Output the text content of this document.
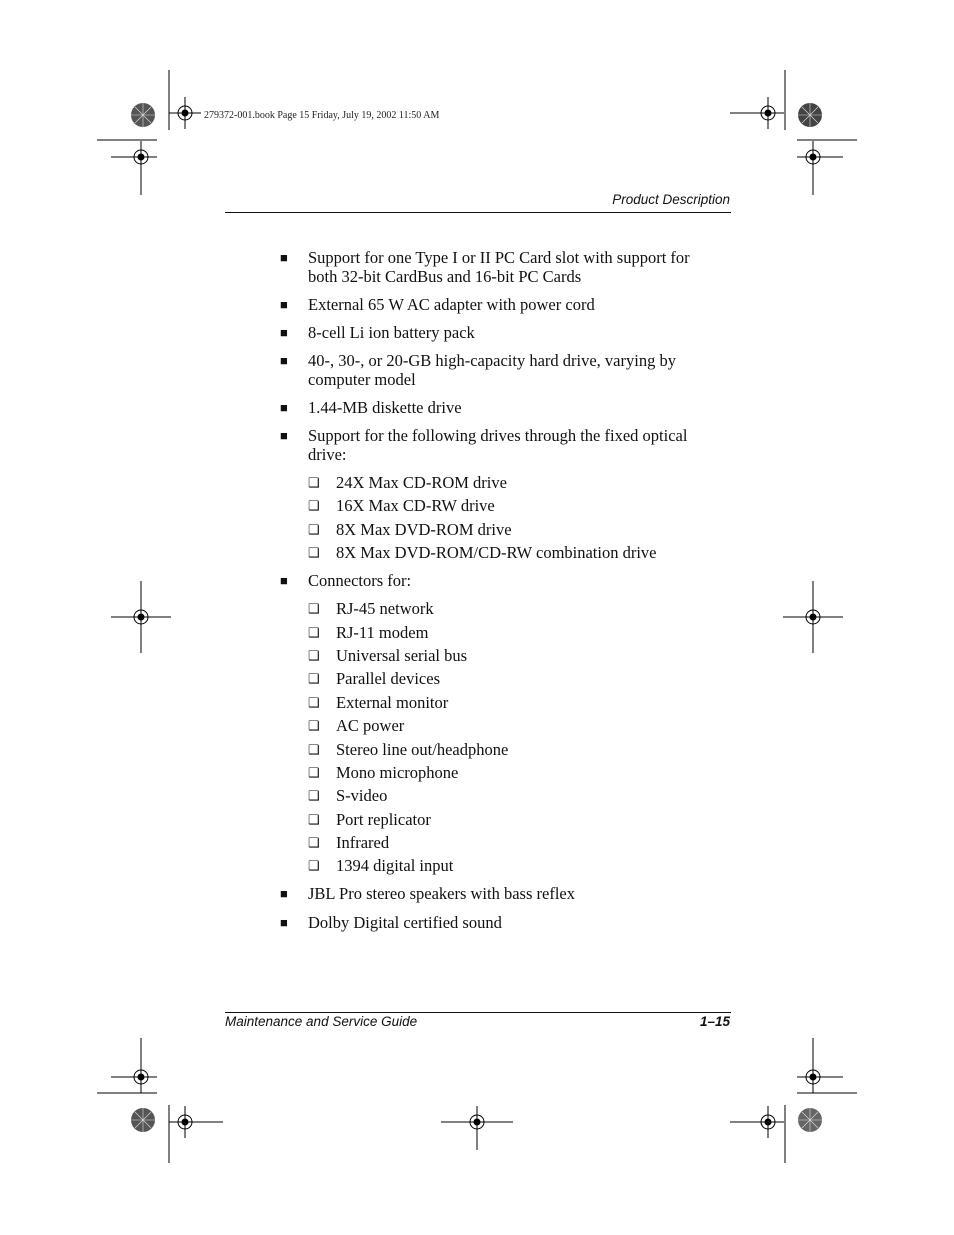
279372-001.book Page 15 Friday, July 19, 2002 11:50 AM
Product Description
■ Support for one Type I or II PC Card slot with support for both 32-bit CardBus and 16-bit PC Cards
■ External 65 W AC adapter with power cord
■ 8-cell Li ion battery pack
■ 40-, 30-, or 20-GB high-capacity hard drive, varying by computer model
■ 1.44-MB diskette drive
■ Support for the following drives through the fixed optical drive:
❑ 24X Max CD-ROM drive
❑ 16X Max CD-RW drive
❑ 8X Max DVD-ROM drive
❑ 8X Max DVD-ROM/CD-RW combination drive
■ Connectors for:
❑ RJ-45 network
❑ RJ-11 modem
❑ Universal serial bus
❑ Parallel devices
❑ External monitor
❑ AC power
❑ Stereo line out/headphone
❑ Mono microphone
❑ S-video
❑ Port replicator
❑ Infrared
❑ 1394 digital input
■ JBL Pro stereo speakers with bass reflex
■ Dolby Digital certified sound
Maintenance and Service Guide	1–15
